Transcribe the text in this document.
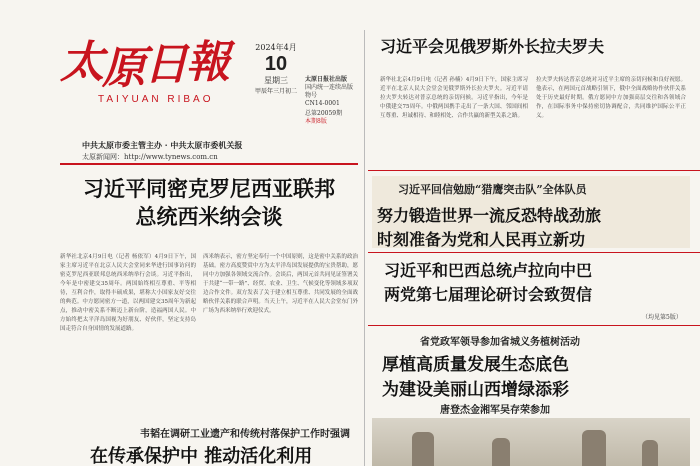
太
原
日
報
TAIYUAN RIBAO
2024年4月
10
星期三
甲辰年三月初二
太原日报社出版
国内统一连续出版物号
CN14-0001
总第20059期
本期8版
中共太原市委主管主办 · 中共太原市委机关报
太原新闻网：http://www.tynews.com.cn
习近平同密克罗尼西亚联邦
总统西米纳会谈
新华社北京4月9日电（记者 杨依军）4月9日下午，国家主席习近平在北京人民大会堂同来华进行国事访问的密克罗尼西亚联邦总统西米纳举行会谈。习近平指出，今年是中密建交35周年。两国始终相互尊重、平等相待，互利合作，取得丰硕成果，堪称大小国家友好交往的典范。中方愿同密方一道，以两国建交35周年为新起点，推动中密关系不断迈上新台阶，造福两国人民。中方始终把太平洋岛国视为好朋友、好伙伴，坚定支持岛国走符合自身国情的发展道路。
西米纳表示，密方坚定奉行一个中国原则，这是密中关系的政治基础。密方高度赞赏中方为太平洋岛国发展提供的宝贵帮助，愿同中方加强各领域交流合作。会谈后，两国元首共同见证签署关于共建“一带一路”、经贸、农业、卫生、气候变化等领域多项双边合作文件。双方发表了关于建立相互尊重、共同发展的全面战略伙伴关系的联合声明。当天上午，习近平在人民大会堂东门外广场为西米纳举行欢迎仪式。
韦韬在调研工业遗产和传统村落保护工作时强调
在传承保护中 推动活化利用
习近平会见俄罗斯外长拉夫罗夫
新华社北京4月9日电（记者 孙楠）4月9日下午，国家主席习近平在北京人民大会堂会见俄罗斯外长拉夫罗夫。习近平请拉夫罗夫转达对普京总统的亲切问候。习近平指出，今年是中俄建交75周年。中俄两国携手走出了一条大国、邻国间相互尊重、坦诚相待、和睦相处、合作共赢的新型关系之路。
拉夫罗夫转达普京总统对习近平主席的亲切问候和良好祝愿。他表示，在两国元首战略引领下，俄中全面战略协作伙伴关系处于历史最好时期。俄方愿同中方加强高层交往和各领域合作，在国际事务中保持密切协调配合，共同维护国际公平正义。
习近平回信勉励“猎鹰突击队”全体队员
努力锻造世界一流反恐特战劲旅
时刻准备为党和人民再立新功
习近平和巴西总统卢拉向中巴
两党第七届理论研讨会致贺信
（均见第5版）
省党政军领导参加省城义务植树活动
厚植高质量发展生态底色
为建设美丽山西增绿添彩
唐登杰金湘军吴存荣参加
